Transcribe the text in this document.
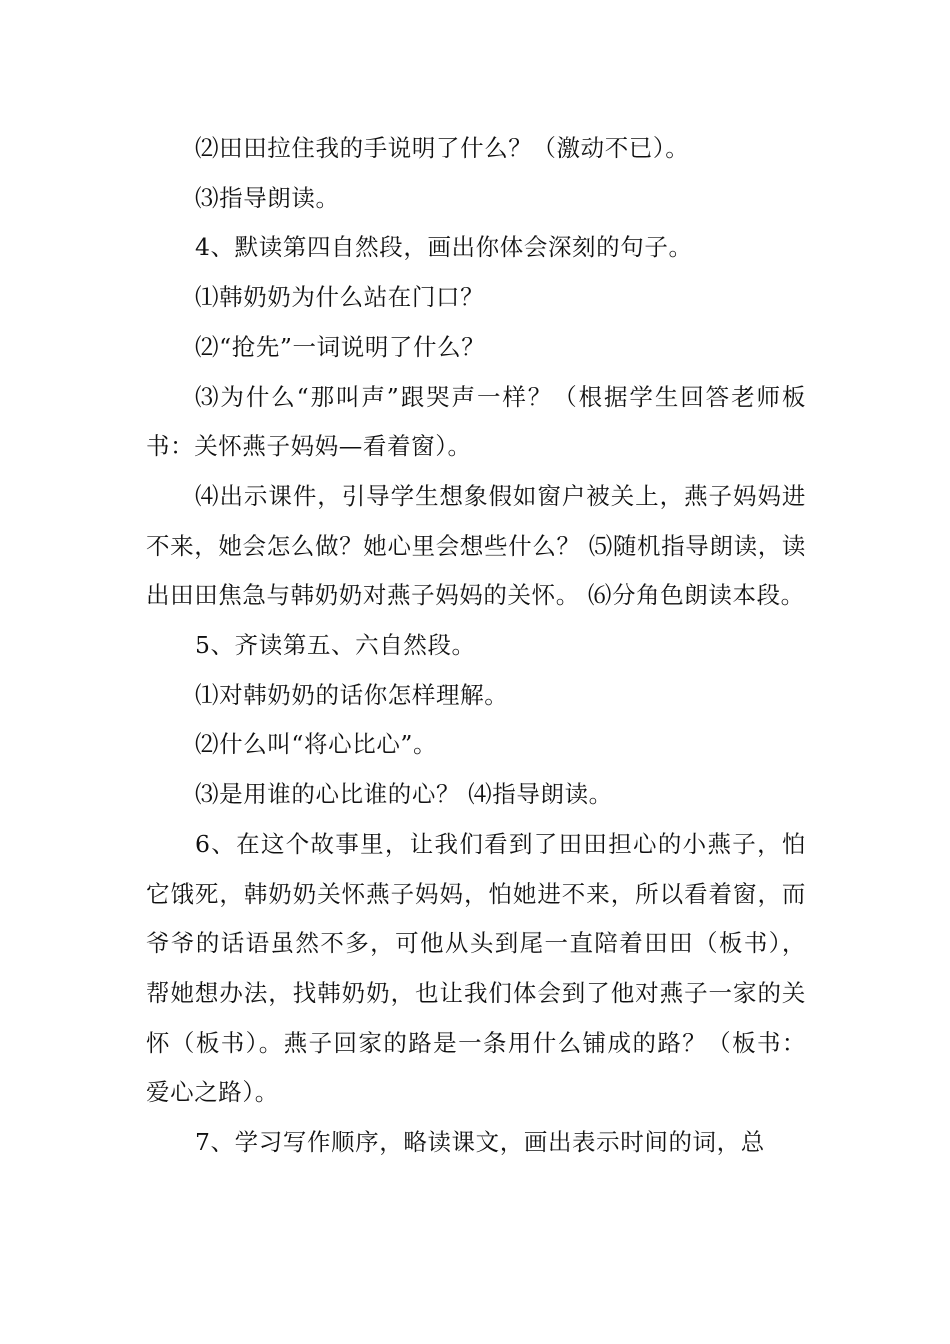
⑵田田拉住我的手说明了什么？（激动不已）。

⑶指导朗读。

4、默读第四自然段，画出你体会深刻的句子。

⑴韩奶奶为什么站在门口？

⑵“抢先”一词说明了什么？

⑶为什么“那叫声”跟哭声一样？（根据学生回答老师板书：关怀燕子妈妈—看着窗）。

⑷出示课件，引导学生想象假如窗户被关上，燕子妈妈进不来，她会怎么做？她心里会想些什么？ ⑸随机指导朗读，读出田田焦急与韩奶奶对燕子妈妈的关怀。 ⑹分角色朗读本段。

5、齐读第五、六自然段。

⑴对韩奶奶的话你怎样理解。

⑵什么叫“将心比心”。

⑶是用谁的心比谁的心？ ⑷指导朗读。

6、在这个故事里，让我们看到了田田担心的小燕子，怕它饿死，韩奶奶关怀燕子妈妈，怕她进不来，所以看着窗，而爷爷的话语虽然不多，可他从头到尾一直陪着田田（板书），帮她想办法，找韩奶奶，也让我们体会到了他对燕子一家的关怀（板书）。燕子回家的路是一条用什么铺成的路？（板书：爱心之路）。

7、学习写作顺序，略读课文，画出表示时间的词，总
